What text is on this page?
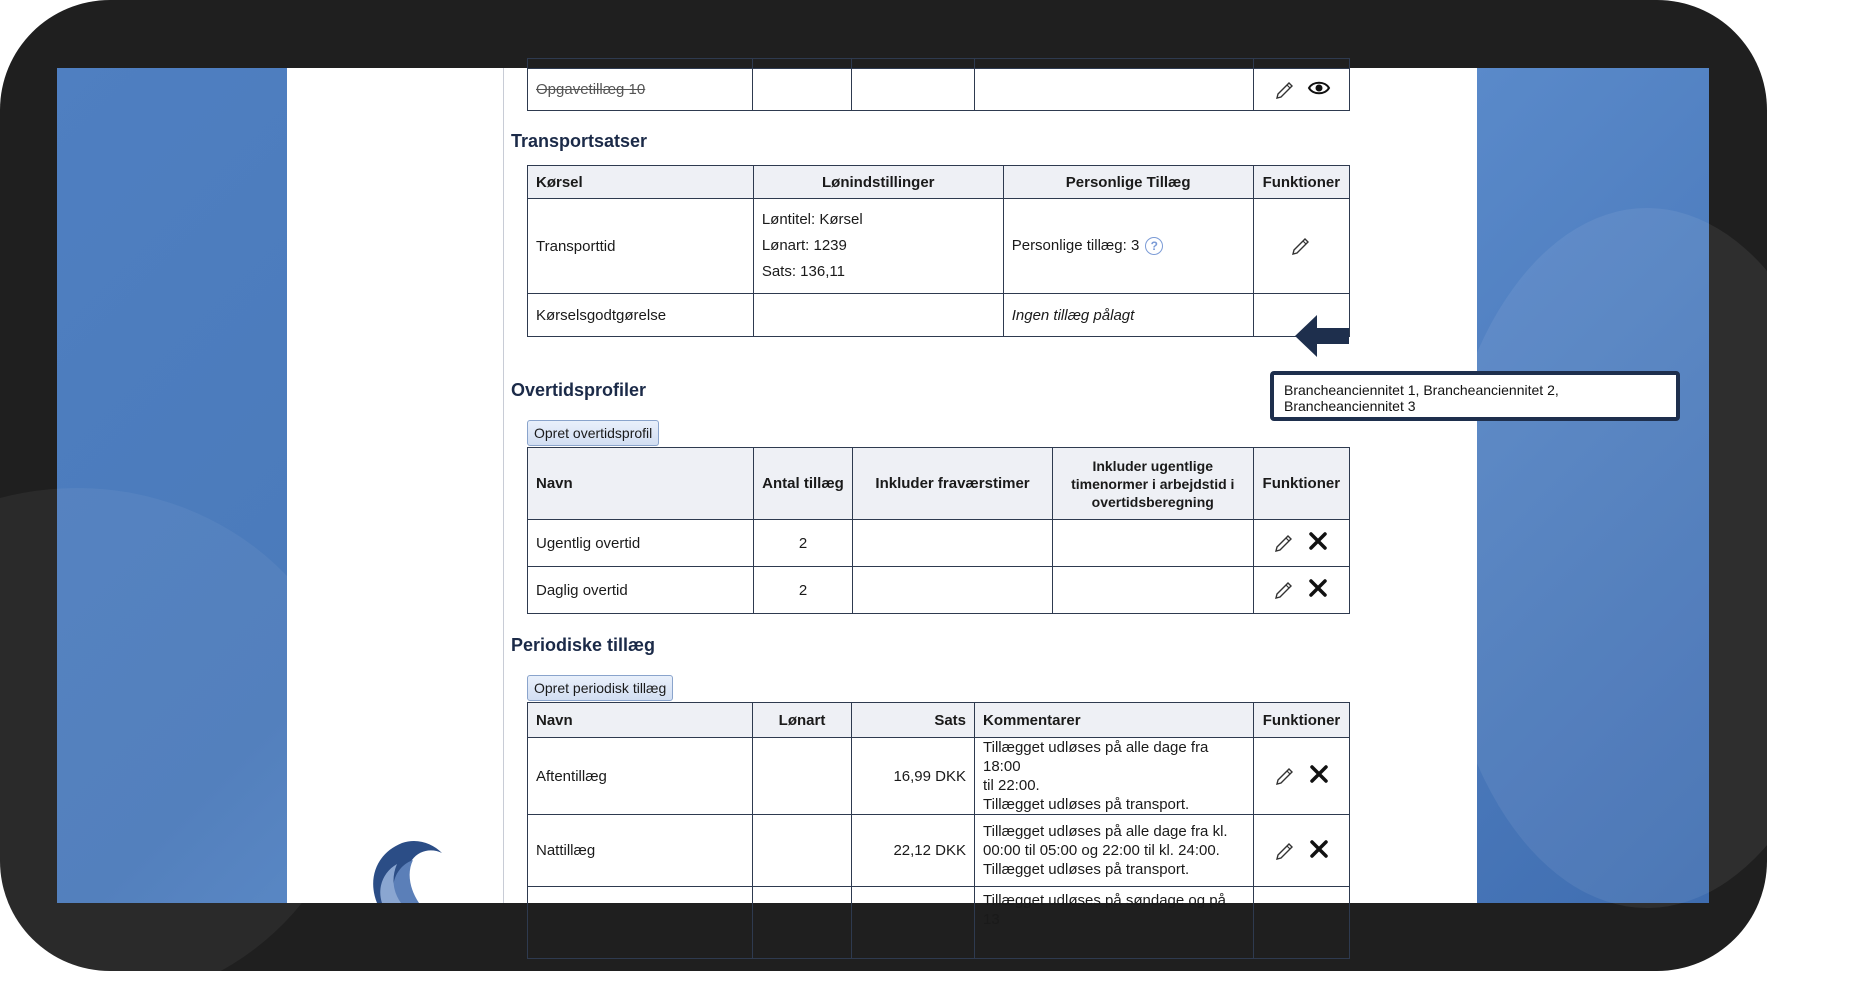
Opgavetillæg 10				
Transportsatser
Kørsel	Lønindstillinger	Personlige Tillæg	Funktioner
Transporttid	Løntitel: Kørsel
Lønart: 1239
Sats: 136,11	Personlige tillæg: 3 ?	
Kørselsgodtgørelse		Ingen tillæg pålagt	
Overtidsprofiler
Opret overtidsprofil
Navn	Antal tillæg	Inkluder fraværstimer	Inkluder ugentlige timenormer i arbejdstid i overtidsberegning	Funktioner
Ugentlig overtid	2			

Daglig overtid	2			
Periodiske tillæg
Opret periodisk tillæg
Navn	Lønart	Sats	Kommentarer	Funktioner
Aftentillæg		16,99 DKK	Tillægget udløses på alle dage fra 18:00
til 22:00.
Tillægget udløses på transport.

Nattillæg		22,12 DKK	Tillægget udløses på alle dage fra kl.
00:00 til 05:00 og 22:00 til kl. 24:00.
Tillægget udløses på transport.

			Tillægget udløses på søndage og på 13	

Brancheanciennitet 1, Brancheanciennitet 2,
Brancheanciennitet 3
